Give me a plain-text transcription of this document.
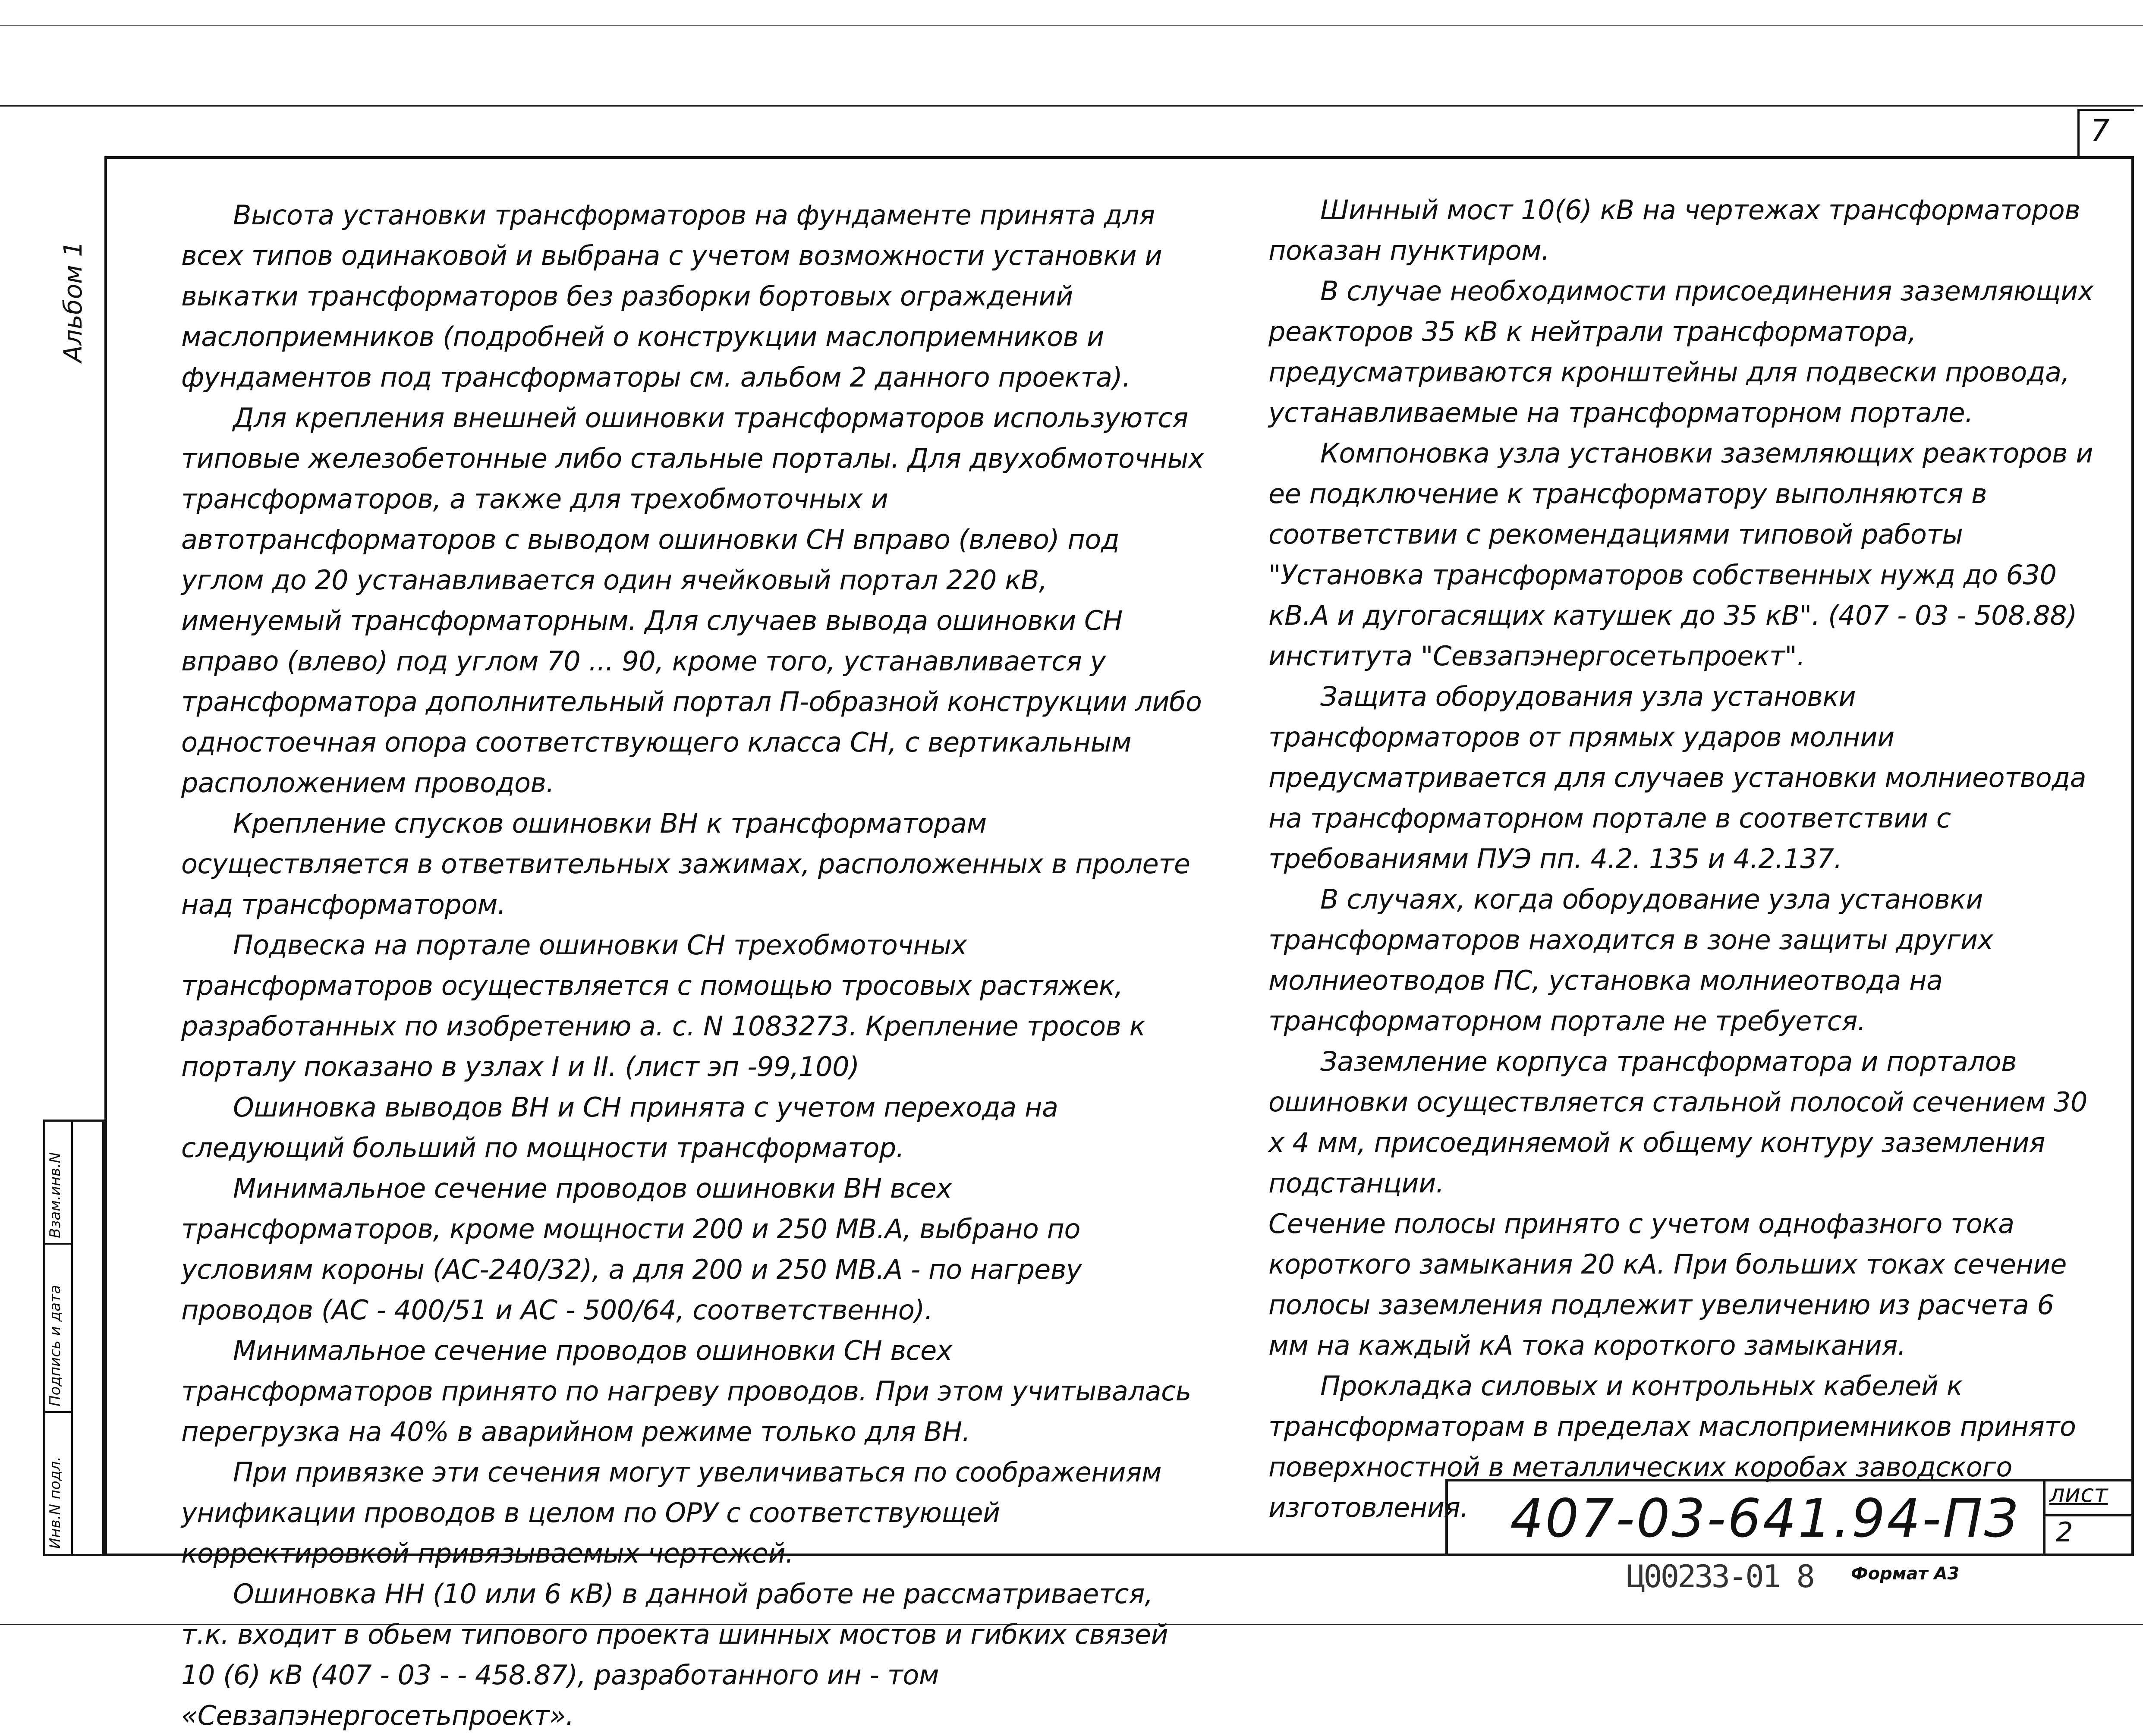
7
Альбом 1
Взам.инв.N
Подпись и дата
Инв.N подл.

Высота установки трансформаторов на фундаменте принята для всех типов одинаковой и выбрана с учетом возможности установки и выкатки трансформаторов без разборки бортовых ограждений маслоприемников (подробней о конструкции маслоприемников и фундаментов под трансформаторы см. альбом 2 данного проекта).

Для крепления внешней ошиновки трансформаторов используются типовые железобетонные либо стальные порталы. Для двухобмоточных трансформаторов, а также для трехобмоточных и автотрансформаторов с выводом ошиновки СН вправо (влево) под углом до 20 устанавливается один ячейковый портал 220 кВ, именуемый трансформаторным. Для случаев вывода ошиновки СН вправо (влево) под углом 70 ... 90, кроме того, устанавливается у трансформатора дополнительный портал П-образной конструкции либо одностоечная опора соответствующего класса СН, с вертикальным расположением проводов.

Крепление спусков ошиновки ВН к трансформаторам осуществляется в ответвительных зажимах, расположенных в пролете над трансформатором.

Подвеска на портале ошиновки СН трехобмоточных трансформаторов осуществляется с помощью тросовых растяжек, разработанных по изобретению а. с. N 1083273. Крепление тросов к порталу показано в узлах I и II. (лист эп -99,100)

Ошиновка выводов ВН и СН принята с учетом перехода на следующий больший по мощности трансформатор.

Минимальное сечение проводов ошиновки ВН всех трансформаторов, кроме мощности 200 и 250 МВ.А, выбрано по условиям короны (АС-240/32), а для 200 и 250 МВ.А - по нагреву проводов (АС - 400/51 и АС - 500/64, соответственно).

Минимальное сечение проводов ошиновки СН всех трансформаторов принято по нагреву проводов. При этом учитывалась перегрузка на 40% в аварийном режиме только для ВН.

При привязке эти сечения могут увеличиваться по соображениям унификации проводов в целом по ОРУ с соответствующей корректировкой привязываемых чертежей.

Ошиновка НН (10 или 6 кВ) в данной работе не рассматривается, т.к. входит в обьем типового проекта шинных мостов и гибких связей 10 (6) кВ (407 - 03 - - 458.87), разработанного ин - том «Севзапэнергосетьпроект».

Шинный мост 10(6) кВ на чертежах трансформаторов показан пунктиром.

В случае необходимости присоединения заземляющих реакторов 35 кВ к нейтрали трансформатора, предусматриваются кронштейны для подвески провода, устанавливаемые на трансформаторном портале.

Компоновка узла установки заземляющих реакторов и ее подключение к трансформатору выполняются в соответствии с рекомендациями типовой работы "Установка трансформаторов собственных нужд до 630 кВ.А и дугогасящих катушек до 35 кВ". (407 - 03 - 508.88) института "Севзапэнергосетьпроект".

Защита оборудования узла установки трансформаторов от прямых ударов молнии предусматривается для случаев установки молниеотвода на трансформаторном портале в соответствии с требованиями ПУЭ пп. 4.2. 135 и 4.2.137.

В случаях, когда оборудование узла установки трансформаторов находится в зоне защиты других молниеотводов ПС, установка молниеотвода на трансформаторном портале не требуется.

Заземление корпуса трансформатора и порталов ошиновки осуществляется стальной полосой сечением 30 х 4 мм, присоединяемой к общему контуру заземления подстанции.

Сечение полосы принято с учетом однофазного тока короткого замыкания 20 кА. При больших токах сечение полосы заземления подлежит увеличению из расчета 6 мм на каждый кА тока короткого замыкания.

Прокладка силовых и контрольных кабелей к трансформаторам в пределах маслоприемников принято поверхностной в металлических коробах заводского изготовления. 407-03-641.94-ПЗ лист
2
Ц00233-01 8 Формат А3
